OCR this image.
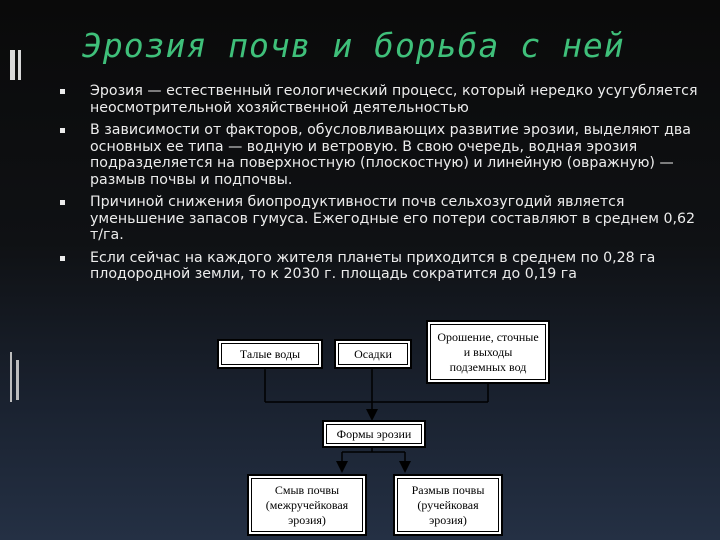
Эрозия почв и борьба с ней
Эрозия — естественный геологический процесс, который нередко усугубляется неосмотрительной хозяйственной деятельностью
В зависимости от факторов, обусловливающих развитие эрозии, выделяют два основных ее типа — водную и ветровую. В свою очередь, водная эрозия подразделяется на поверхностную (плоскостную) и линейную (овражную) — размыв почвы и подпочвы.
Причиной снижения биопродуктивности почв сельхозугодий является уменьшение запасов гумуса. Ежегодные его потери составляют в среднем 0,62 т/га.
Если сейчас на каждого жителя планеты приходится в среднем по 0,28 га плодородной земли, то к 2030 г. площадь сократится до 0,19 га
Талые воды	Осадки
Орошение, сточные и выходы подземных вод
Формы эрозии
Смыв почвы (межручейковая эрозия)
Размыв почвы (ручейковая эрозия)
